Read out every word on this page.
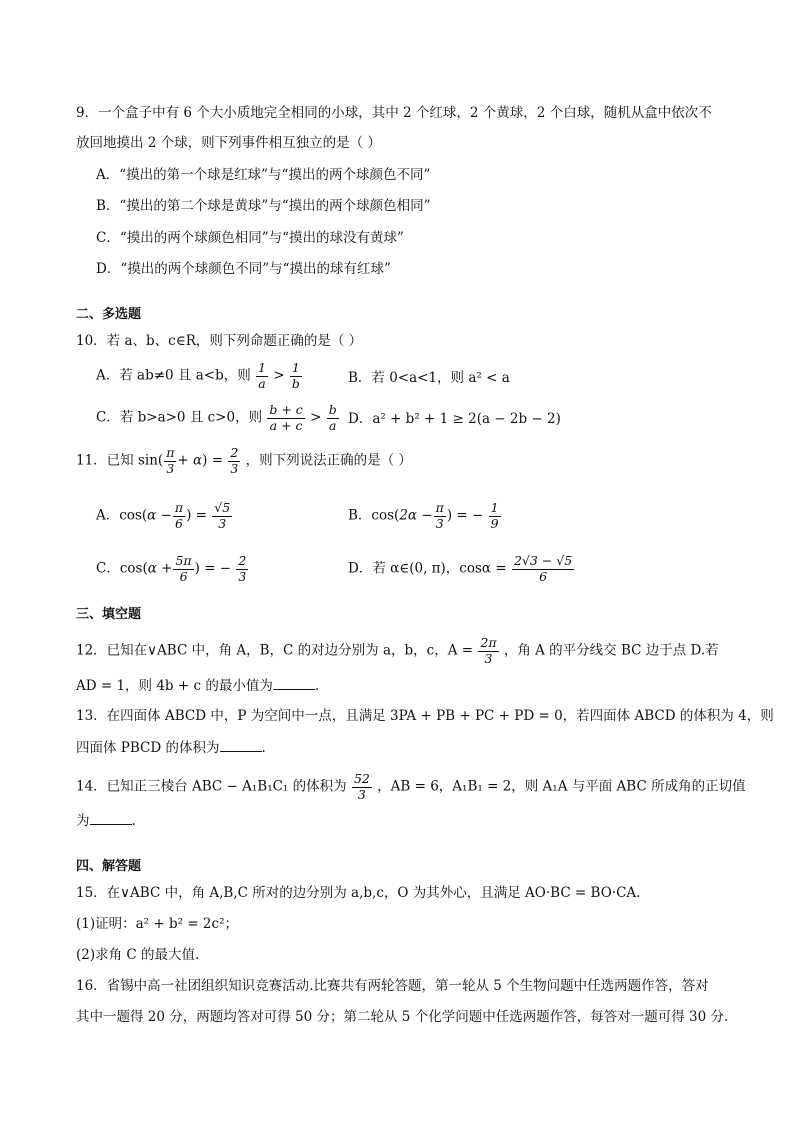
9．一个盒子中有 6 个大小质地完全相同的小球，其中 2 个红球，2 个黄球，2 个白球，随机从盒中依次不
放回地摸出 2 个球，则下列事件相互独立的是（ ）
A．“摸出的第一个球是红球”与“摸出的两个球颜色不同”
B．“摸出的第二个球是黄球”与“摸出的两个球颜色相同”
C．“摸出的两个球颜色相同”与“摸出的球没有黄球”
D．“摸出的两个球颜色不同”与“摸出的球有红球”
二、多选题
10．若 a、b、c∈R，则下列命题正确的是（ ）
A．若 ab≠0 且 a<b，则 $\frac{1}{a} > \frac{1}{b}$	B．若 0<a<1，则 a² < a
C．若 b>a>0 且 c>0，则 $\frac{b + c}{a + c} > \frac{b}{a}$ D．a² + b² + 1 ≥ 2(a − 2b − 2)
11．已知 $\sin( \frac{\pi}{3} + \alpha) = \frac{2}{3}$ ，则下列说法正确的是（ ）
A．$\cos(\alpha - \frac{\pi}{6}$ ) = $\frac{√5}{3}$	B．$\cos(2\alpha - \frac{\pi}{3}$ ) = − $\frac{1}{9}$
C．$\cos(\alpha + \frac{5\pi}{6}$ ) = − $\frac{2}{3}$	D．若 α∈(0, π)，$\cos\alpha = \frac{2√3 - √5}{6}$
三、填空题
12．已知在∨ABC 中，角 A，B，C 的对边分别为 a，b，c，$A = \frac{2\pi}{3}$ ，角 A 的平分线交 BC 边于点 D.若
AD = 1，则 4b + c 的最小值为	.
13．在四面体 ABCD 中，P 为空间中一点，且满足 3PA + PB + PC + PD = 0，若四面体 ABCD 的体积为 4，则
四面体 PBCD 的体积为	.
14．已知正三棱台 ABC − A₁B₁C₁ 的体积为 $\frac{52}{3}$ ，AB = 6，A₁B₁ = 2，则 A₁A 与平面 ABC 所成角的正切值
为	.
四、解答题
15．在∨ABC 中，角 A,B,C 所对的边分别为 a,b,c，O 为其外心，且满足 AO·BC = BO·CA.
(1)证明：a² + b² = 2c²；
(2)求角 C 的最大值.
16．省锡中高一社团组织知识竞赛活动.比赛共有两轮答题，第一轮从 5 个生物问题中任选两题作答，答对
其中一题得 20 分，两题均答对可得 50 分；第二轮从 5 个化学问题中任选两题作答，每答对一题可得 30 分.
